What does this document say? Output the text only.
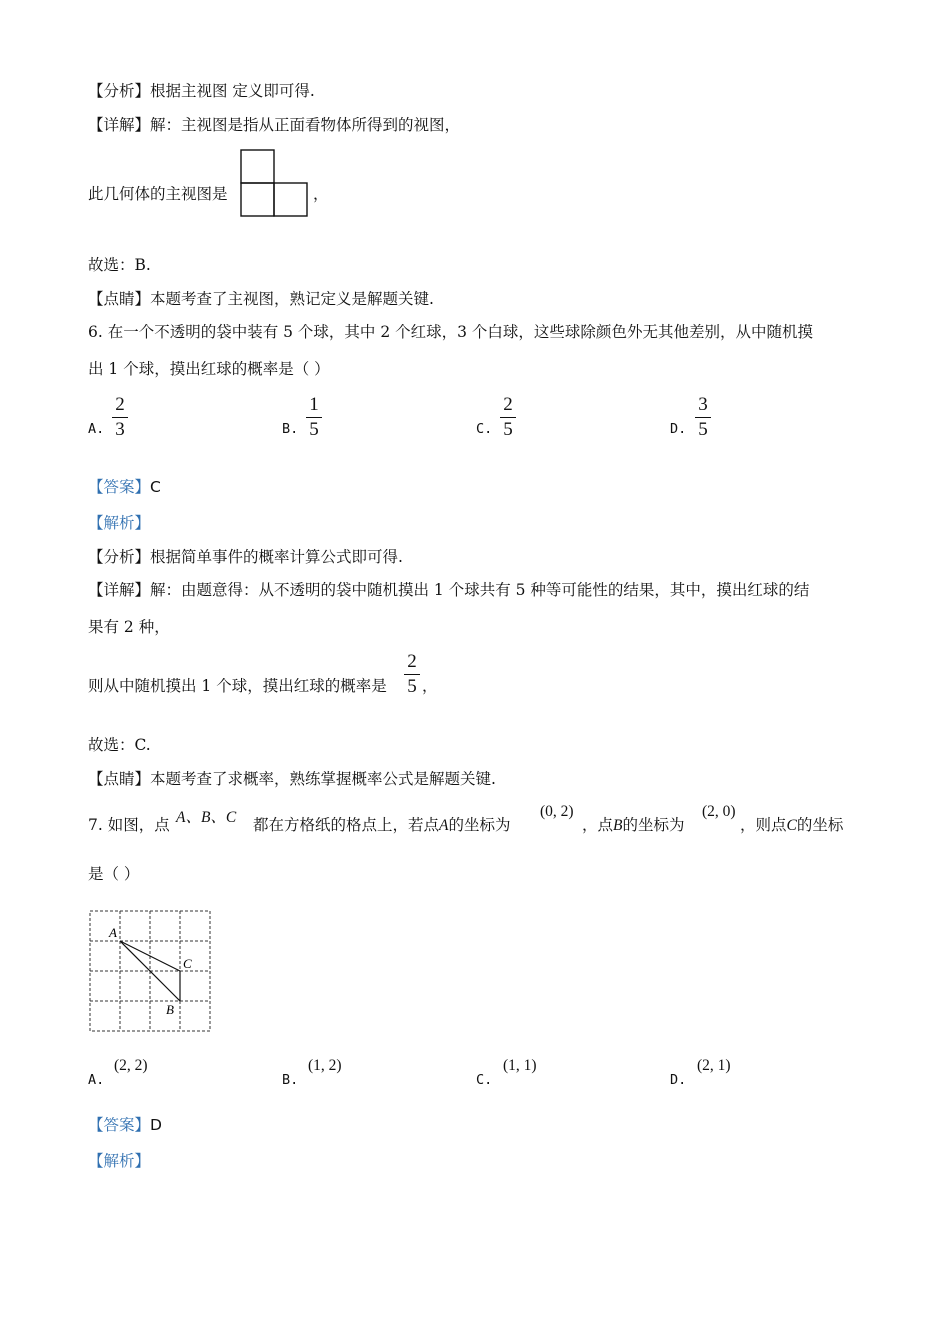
【分析】根据主视图 定义即可得.
【详解】解：主视图是指从正面看物体所得到的视图，
此几何体的主视图是	，
故选：B.
【点睛】本题考查了主视图，熟记定义是解题关键.
6. 在一个不透明的袋中装有 5 个球，其中 2 个红球，3 个白球，这些球除颜色外无其他差别，从中随机摸
出 1 个球，摸出红球的概率是（ ）
A.
2
3	B.
1
5	C.
2
5	D.
3
5
【答案】C
【解析】
【分析】根据简单事件的概率计算公式即可得.
【详解】解：由题意得：从不透明的袋中随机摸出 1 个球共有 5 种等可能性的结果，其中，摸出红球的结
果有 2 种，
则从中随机摸出 1 个球，摸出红球的概率是
2
5 ，
故选：C.
【点睛】本题考查了求概率，熟练掌握概率公式是解题关键.
7. 如图，点 A、B、C 都在方格纸的格点上，若点A的坐标为
(0, 2)
，点B的坐标为
(2, 0)
，则点C的坐标
是（ ）
A
C
B
A.
(2, 2)
B.
(1, 2)
C.
(1, 1)
D.
(2, 1)
【答案】D
【解析】
